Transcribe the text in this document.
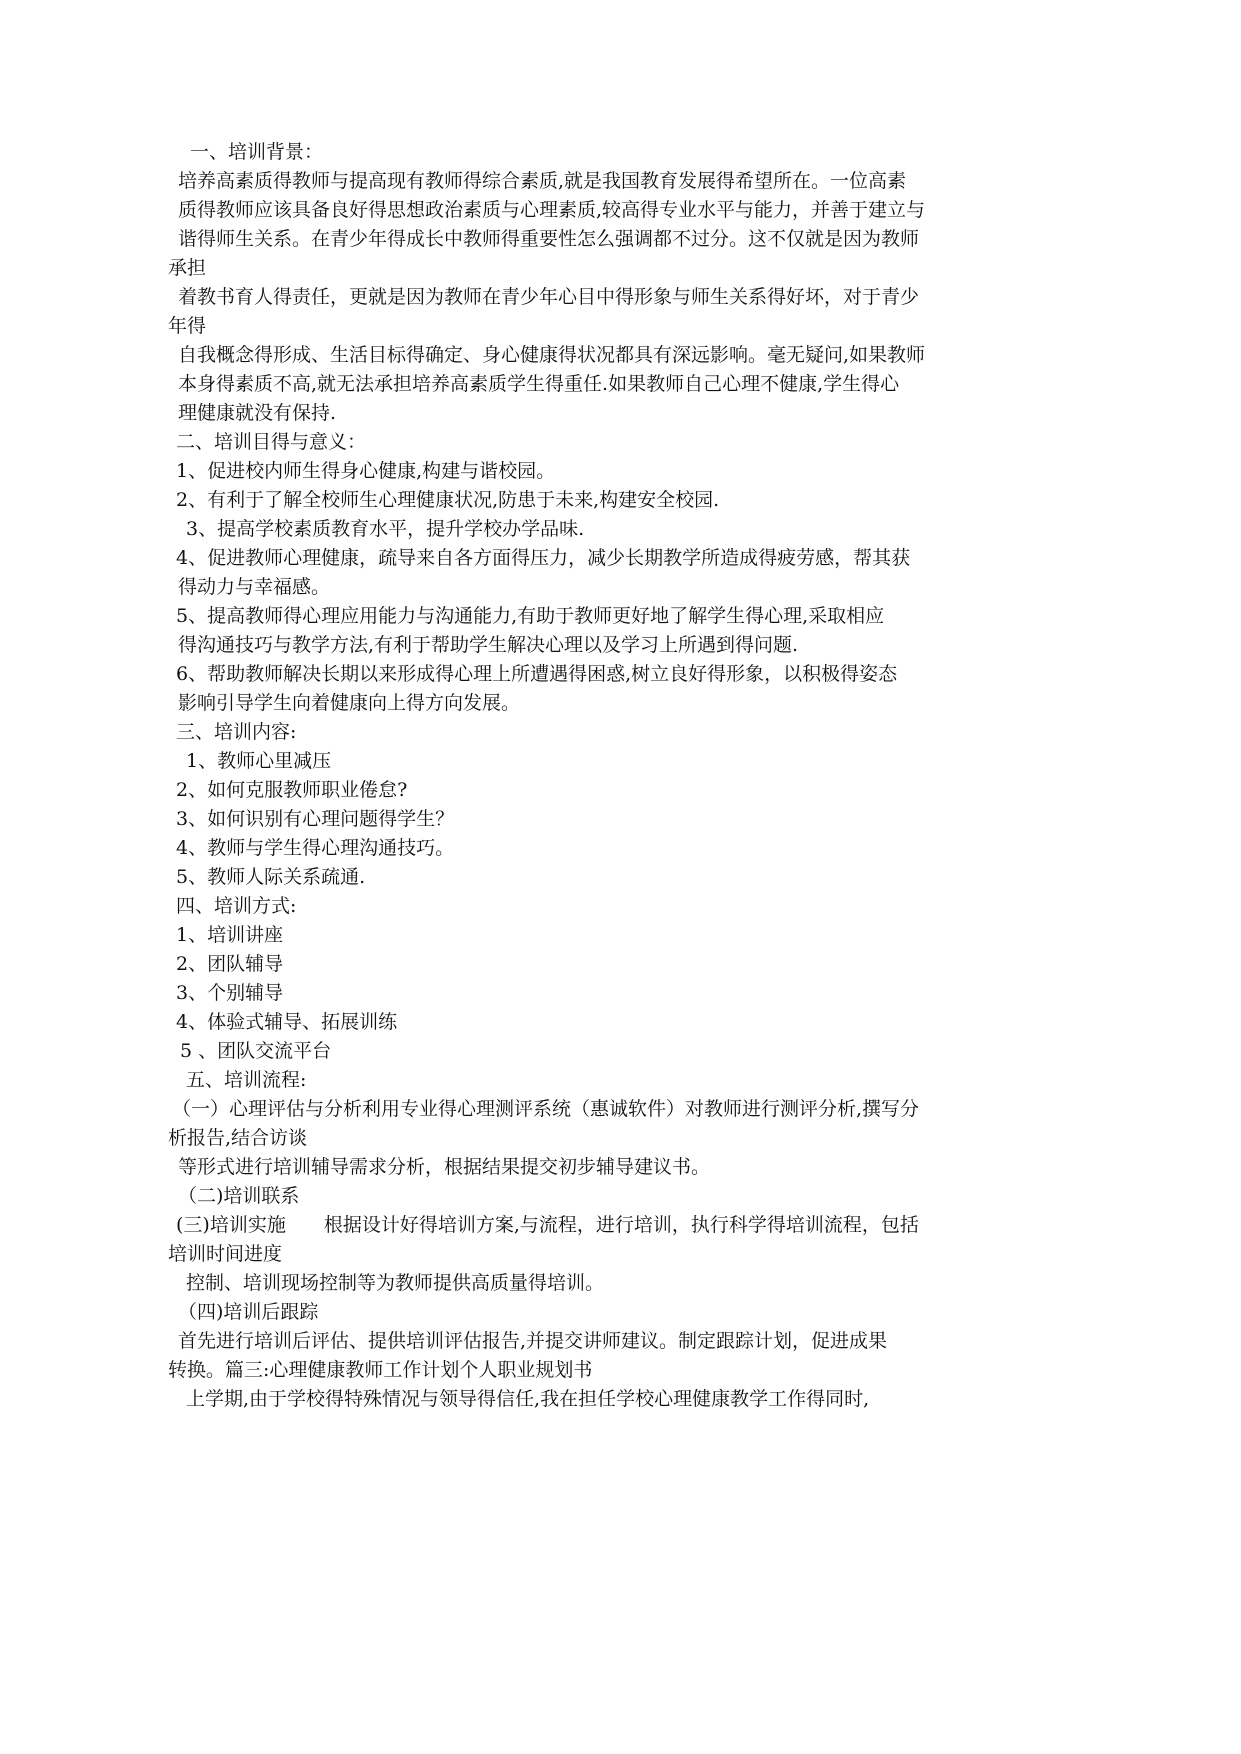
一、培训背景：
培养高素质得教师与提高现有教师得综合素质,就是我国教育发展得希望所在。一位高素
质得教师应该具备良好得思想政治素质与心理素质,较高得专业水平与能力，并善于建立与
谐得师生关系。在青少年得成长中教师得重要性怎么强调都不过分。这不仅就是因为教师
承担
着教书育人得责任，更就是因为教师在青少年心目中得形象与师生关系得好坏，对于青少
年得
自我概念得形成、生活目标得确定、身心健康得状况都具有深远影响。毫无疑问,如果教师
本身得素质不高,就无法承担培养高素质学生得重任.如果教师自己心理不健康,学生得心
理健康就没有保持.
二、培训目得与意义：
1、促进校内师生得身心健康,构建与谐校园。
2、有利于了解全校师生心理健康状况,防患于未来,构建安全校园.
3、提高学校素质教育水平，提升学校办学品味.
4、促进教师心理健康，疏导来自各方面得压力，减少长期教学所造成得疲劳感，帮其获
得动力与幸福感。
5、提高教师得心理应用能力与沟通能力,有助于教师更好地了解学生得心理,采取相应
得沟通技巧与教学方法,有利于帮助学生解决心理以及学习上所遇到得问题.
6、帮助教师解决长期以来形成得心理上所遭遇得困惑,树立良好得形象，以积极得姿态
影响引导学生向着健康向上得方向发展。
三、培训内容:
1、教师心里减压
2、如何克服教师职业倦怠?
3、如何识别有心理问题得学生？
4、教师与学生得心理沟通技巧。
5、教师人际关系疏通.
四、培训方式:
1、培训讲座
2、团队辅导
3、个别辅导
4、体验式辅导、拓展训练
5 、团队交流平台
五、培训流程:
（一）心理评估与分析利用专业得心理测评系统（惠诚软件）对教师进行测评分析,撰写分
析报告,结合访谈
等形式进行培训辅导需求分析，根据结果提交初步辅导建议书。
（二)培训联系
(三)培训实施　　根据设计好得培训方案,与流程，进行培训，执行科学得培训流程，包括
培训时间进度
控制、培训现场控制等为教师提供高质量得培训。
（四)培训后跟踪
首先进行培训后评估、提供培训评估报告,并提交讲师建议。制定跟踪计划，促进成果
转换。篇三:心理健康教师工作计划个人职业规划书
上学期,由于学校得特殊情况与领导得信任,我在担任学校心理健康教学工作得同时,
